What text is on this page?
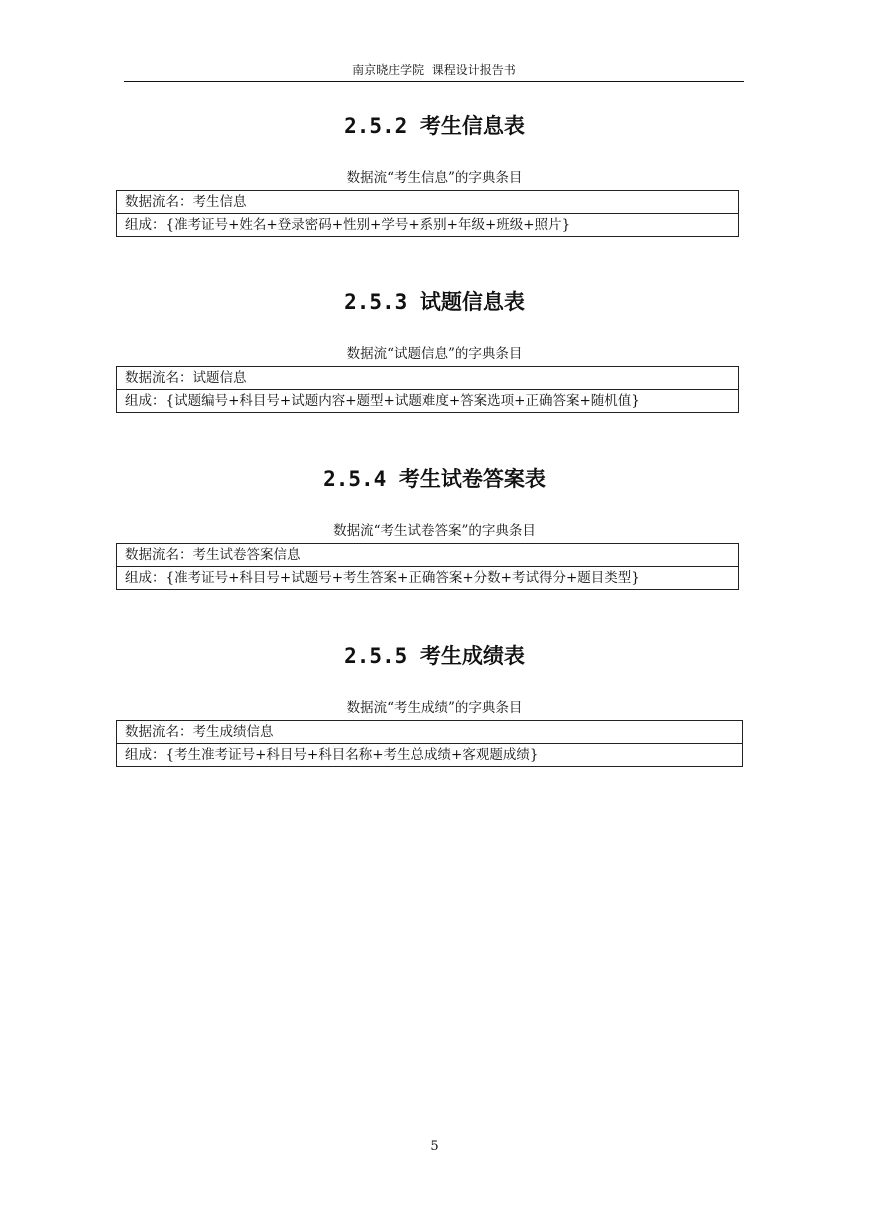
南京晓庄学院  课程设计报告书
2.5.2 考生信息表
数据流“考生信息”的字典条目
数据流名：考生信息
组成：{准考证号+姓名+登录密码+性别+学号+系别+年级+班级+照片}
2.5.3 试题信息表
数据流“试题信息”的字典条目
数据流名：试题信息
组成：{试题编号+科目号+试题内容+题型+试题难度+答案选项+正确答案+随机值}
2.5.4 考生试卷答案表
数据流“考生试卷答案”的字典条目
数据流名：考生试卷答案信息
组成：{准考证号+科目号+试题号+考生答案+正确答案+分数+考试得分+题目类型}
2.5.5 考生成绩表
数据流“考生成绩”的字典条目
数据流名：考生成绩信息
组成：{考生准考证号+科目号+科目名称+考生总成绩+客观题成绩}
5
